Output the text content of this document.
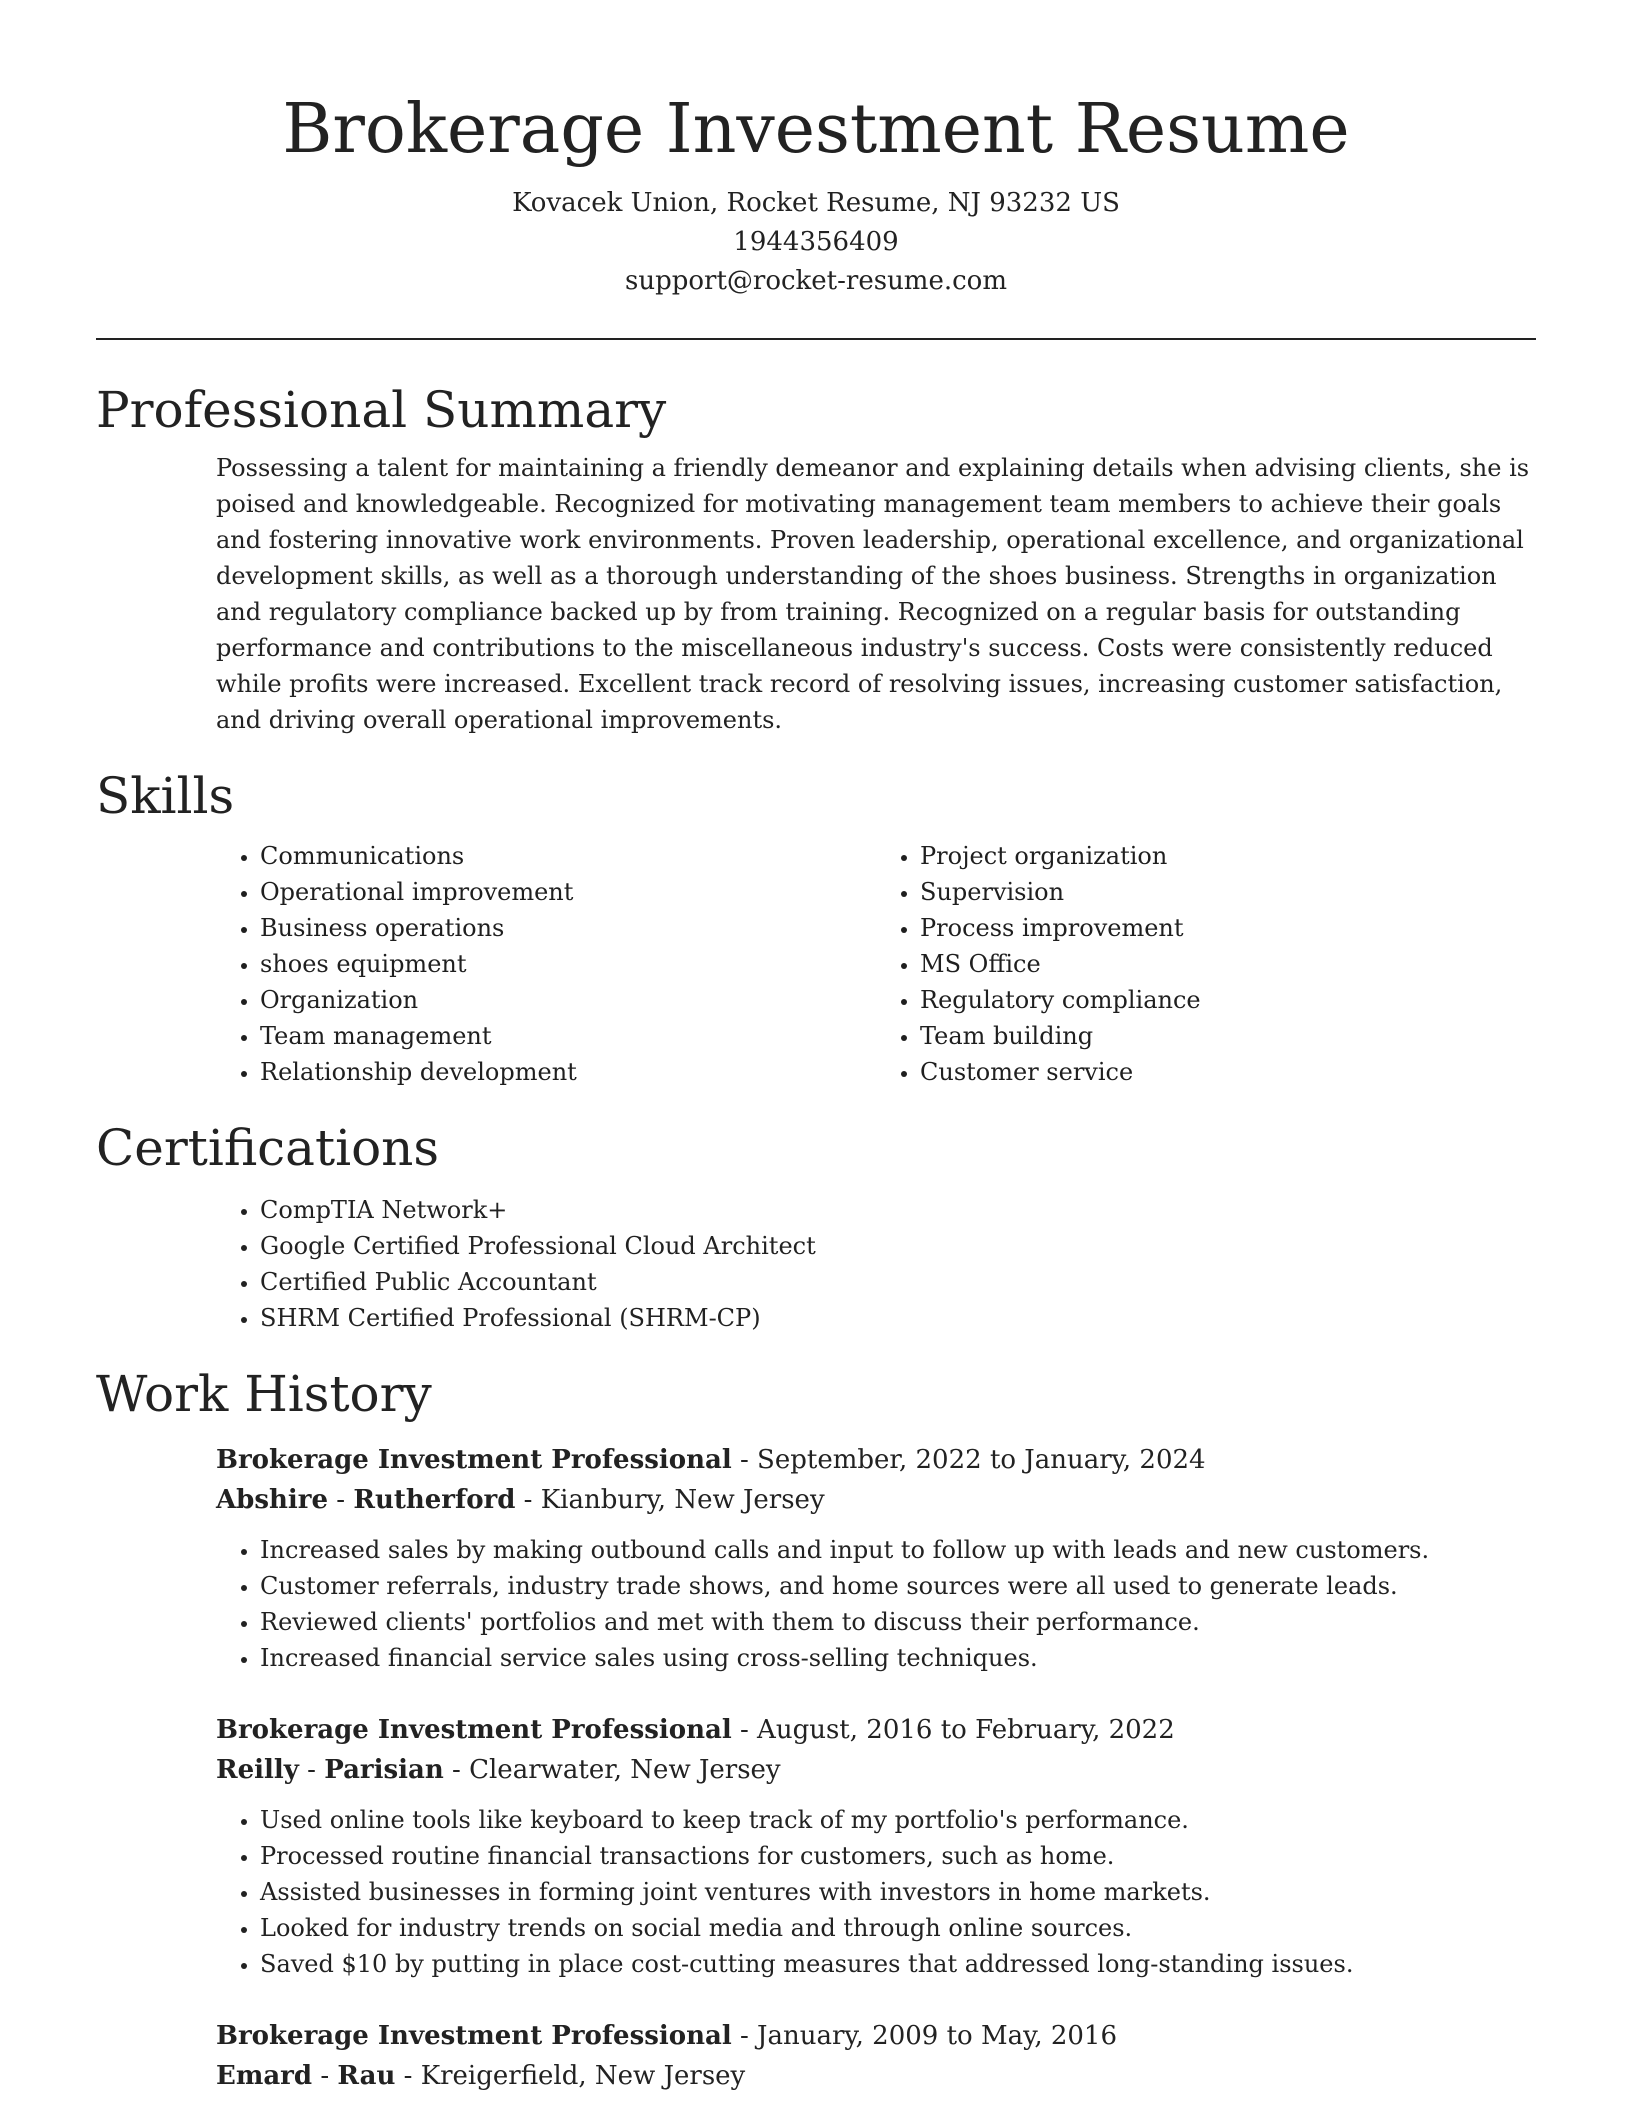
Brokerage Investment Resume

Kovacek Union, Rocket Resume, NJ 93232 US

1944356409

support@rocket-resume.com

Professional Summary

Possessing a talent for maintaining a friendly demeanor and explaining details when advising clients, she is poised and knowledgeable. Recognized for motivating management team members to achieve their goals and fostering innovative work environments. Proven leadership, operational excellence, and organizational development skills, as well as a thorough understanding of the shoes business. Strengths in organization and regulatory compliance backed up by from training. Recognized on a regular basis for outstanding performance and contributions to the miscellaneous industry's success. Costs were consistently reduced while profits were increased. Excellent track record of resolving issues, increasing customer satisfaction, and driving overall operational improvements.

Skills
• Communications
• Operational improvement
• Business operations
• shoes equipment
• Organization
• Team management
• Relationship development
• Project organization
• Supervision
• Process improvement
• MS Office
• Regulatory compliance
• Team building
• Customer service
Certifications
• CompTIA Network+
• Google Certified Professional Cloud Architect
• Certified Public Accountant
• SHRM Certified Professional (SHRM-CP)
Work History

Brokerage Investment Professional - September, 2022 to January, 2024

Abshire - Rutherford - Kianbury, New Jersey

• Increased sales by making outbound calls and input to follow up with leads and new customers.
• Customer referrals, industry trade shows, and home sources were all used to generate leads.
• Reviewed clients' portfolios and met with them to discuss their performance.
• Increased financial service sales using cross-selling techniques.

Brokerage Investment Professional - August, 2016 to February, 2022

Reilly - Parisian - Clearwater, New Jersey

• Used online tools like keyboard to keep track of my portfolio's performance.
• Processed routine financial transactions for customers, such as home.
• Assisted businesses in forming joint ventures with investors in home markets.
• Looked for industry trends on social media and through online sources.
• Saved $10 by putting in place cost-cutting measures that addressed long-standing issues.

Brokerage Investment Professional - January, 2009 to May, 2016

Emard - Rau - Kreigerfield, New Jersey
